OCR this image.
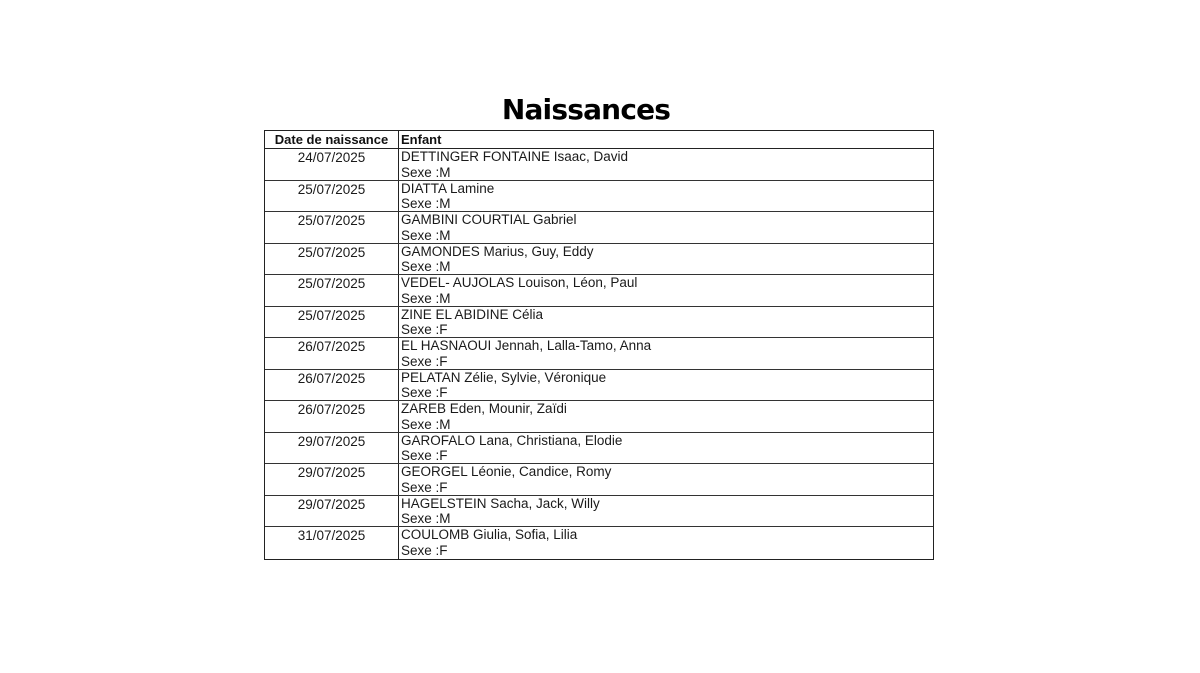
Naissances
Date de naissance Enfant
24/07/2025	DETTINGER FONTAINE Isaac, David
Sexe :M
25/07/2025	DIATTA Lamine
Sexe :M
25/07/2025	GAMBINI COURTIAL Gabriel
Sexe :M
25/07/2025	GAMONDES Marius, Guy, Eddy
Sexe :M
25/07/2025	VEDEL- AUJOLAS Louison, Léon, Paul
Sexe :M
25/07/2025	ZINE EL ABIDINE Célia
Sexe :F
26/07/2025	EL HASNAOUI Jennah, Lalla-Tamo, Anna
Sexe :F
26/07/2025	PELATAN Zélie, Sylvie, Véronique
Sexe :F
26/07/2025	ZAREB Eden, Mounir, Zaïdi
Sexe :M
29/07/2025	GAROFALO Lana, Christiana, Elodie
Sexe :F
29/07/2025	GEORGEL Léonie, Candice, Romy
Sexe :F
29/07/2025	HAGELSTEIN Sacha, Jack, Willy
Sexe :M
31/07/2025	COULOMB Giulia, Sofia, Lilia
Sexe :F
